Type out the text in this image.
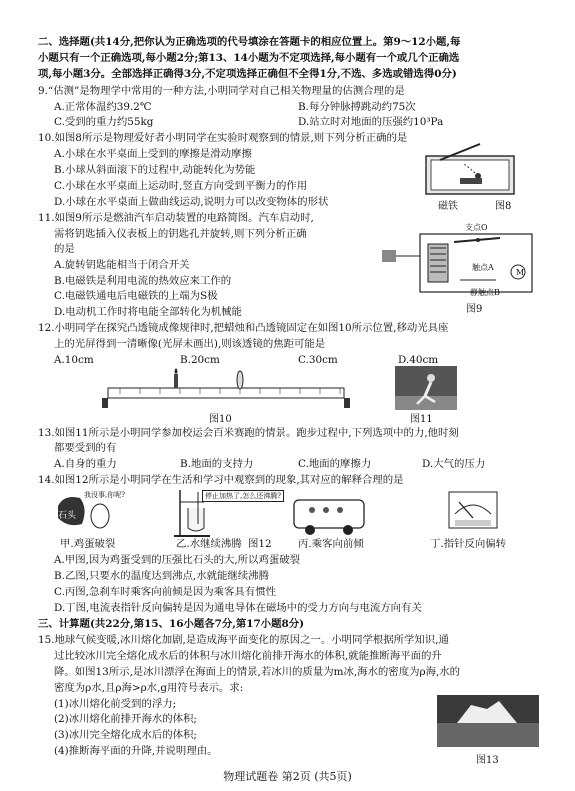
二、选择题(共14分,把你认为正确选项的代号填涂在答题卡的相应位置上。第9～12小题,每
小题只有一个正确选项,每小题2分;第13、14小题为不定项选择,每小题有一个或几个正确选
项,每小题3分。全部选择正确得3分,不定项选择正确但不全得1分,不选、多选或错选得0分)
9.“估测”是物理学中常用的一种方法,小明同学对自己相关物理量的估测合理的是
A.正常体温约39.2℃	B.每分钟脉搏跳动约75次
C.受到的重力约55kg	D.站立时对地面的压强约10³Pa
10.如图8所示是物理爱好者小明同学在实验时观察到的情景,则下列分析正确的是
A.小球在水平桌面上受到的摩擦是滑动摩擦
B.小球从斜面滚下的过程中,动能转化为势能
C.小球在水平桌面上运动时,竖直方向受到平衡力的作用
D.小球在水平桌面上做曲线运动,说明力可以改变物体的形状	磁铁	图8
11.如图9所示是燃油汽车启动装置的电路简图。汽车启动时,
需将钥匙插入仪表板上的钥匙孔并旋转,则下列分析正确
的是
A.旋转钥匙能相当于闭合开关
B.电磁铁是利用电流的热效应来工作的
C.电磁铁通电后电磁铁的上端为S极
D.电动机工作时将电能全部转化为机械能
支点O
触点A
静触点B
M
图9
12.小明同学在探究凸透镜成像规律时,把蜡烛和凸透镜固定在如图10所示位置,移动光具座
上的光屏得到一清晰像(光屏未画出),则该透镜的焦距可能是
A.10cm	B.20cm	C.30cm	D.40cm
图10	图11
13.如图11所示是小明同学参加校运会百米赛跑的情景。跑步过程中,下列选项中的力,他时刻
都要受到的有
A.自身的重力	B.地面的支持力	C.地面的摩擦力	D.大气的压力
14.如图12所示是小明同学在生活和学习中观察到的现象,其对应的解释合理的是
石头
我没事,你呢?	停止加热了,怎么还沸腾?
甲.鸡蛋破裂	乙.水继续沸腾 图12	丙.乘客向前倾	丁.指针反向偏转
A.甲图,因为鸡蛋受到的压强比石头的大,所以鸡蛋破裂
B.乙图,只要水的温度达到沸点,水就能继续沸腾
C.丙图,急刹车时乘客向前倾是因为乘客具有惯性
D.丁图,电流表指针反向偏转是因为通电导体在磁场中的受力方向与电流方向有关
三、计算题(共22分,第15、16小题各7分,第17小题8分)
15.地球气候变暖,冰川熔化加剧,是造成海平面变化的原因之一。小明同学根据所学知识,通
过比较冰川完全熔化成水后的体积与冰川熔化前排开海水的体积,就能推断海平面的升
降。如图13所示,是冰川漂浮在海面上的情景,若冰川的质量为m冰,海水的密度为ρ海,水的
密度为ρ水,且ρ海>ρ水,g用符号表示。求:
(1)冰川熔化前受到的浮力;
(2)冰川熔化前排开海水的体积;
(3)冰川完全熔化成水后的体积;
(4)推断海平面的升降,并说明理由。
图13
物理试题卷 第2页 (共5页)
